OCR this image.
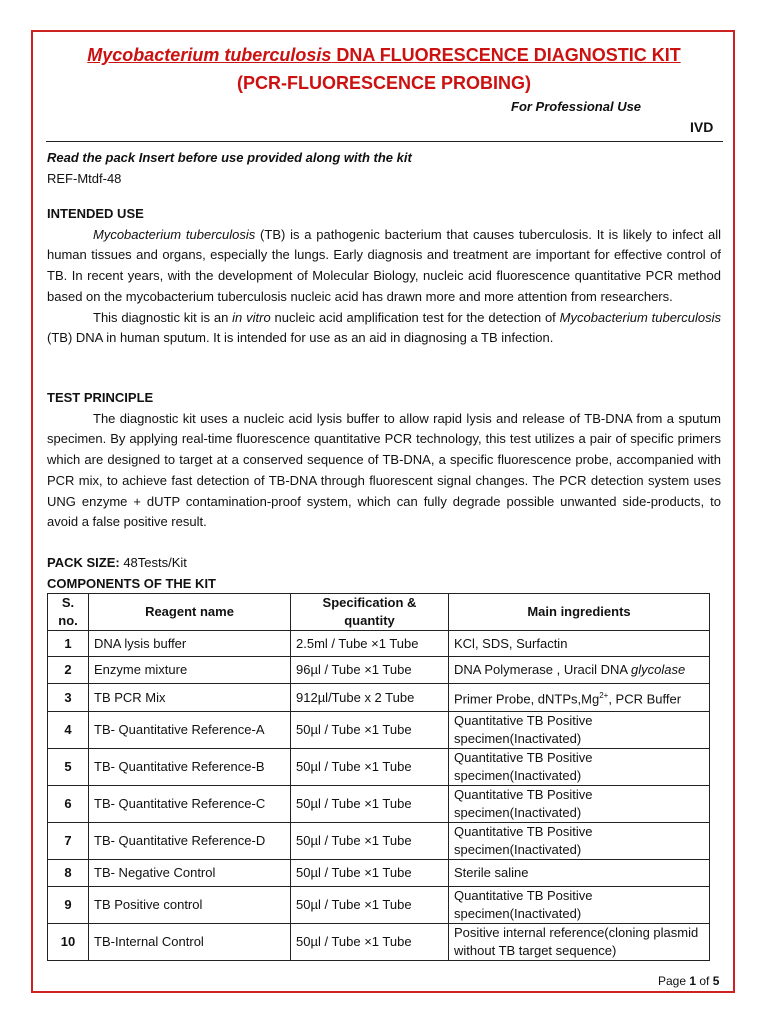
Mycobacterium tuberculosis DNA FLUORESCENCE DIAGNOSTIC KIT
(PCR-FLUORESCENCE PROBING)
For Professional Use
IVD
Read the pack Insert before use provided along with the kit
REF-Mtdf-48
INTENDED USE
Mycobacterium tuberculosis (TB) is a pathogenic bacterium that causes tuberculosis. It is likely to infect all human tissues and organs, especially the lungs. Early diagnosis and treatment are important for effective control of TB. In recent years, with the development of Molecular Biology, nucleic acid fluorescence quantitative PCR method based on the mycobacterium tuberculosis nucleic acid has drawn more and more attention from researchers.
This diagnostic kit is an in vitro nucleic acid amplification test for the detection of Mycobacterium tuberculosis (TB) DNA in human sputum. It is intended for use as an aid in diagnosing a TB infection.
TEST PRINCIPLE
The diagnostic kit uses a nucleic acid lysis buffer to allow rapid lysis and release of TB-DNA from a sputum specimen. By applying real-time fluorescence quantitative PCR technology, this test utilizes a pair of specific primers which are designed to target at a conserved sequence of TB-DNA, a specific fluorescence probe, accompanied with PCR mix, to achieve fast detection of TB-DNA through fluorescent signal changes. The PCR detection system uses UNG enzyme + dUTP contamination-proof system, which can fully degrade possible unwanted side-products, to avoid a false positive result.
PACK SIZE: 48Tests/Kit
COMPONENTS OF THE KIT
S. no.	Reagent name	Specification & quantity	Main ingredients
1	DNA lysis buffer	2.5ml / Tube ×1 Tube	KCl, SDS, Surfactin
2	Enzyme mixture	96µl / Tube ×1 Tube	DNA Polymerase , Uracil DNA glycolase
3	TB PCR Mix	912µl/Tube x 2 Tube	Primer Probe, $dNTPs,Mg^{2+}$, PCR Buffer
4	TB- Quantitative Reference-A	50µl / Tube ×1 Tube	Quantitative TB Positive specimen(Inactivated)
5	TB- Quantitative Reference-B	50µl / Tube ×1 Tube	Quantitative TB Positive specimen(Inactivated)
6	TB- Quantitative Reference-C	50µl / Tube ×1 Tube	Quantitative TB Positive specimen(Inactivated)
7	TB- Quantitative Reference-D	50µl / Tube ×1 Tube	Quantitative TB Positive specimen(Inactivated)
8	TB- Negative Control	50µl / Tube ×1 Tube	Sterile saline
9	TB Positive control	50µl / Tube ×1 Tube	Quantitative TB Positive specimen(Inactivated)
10	TB-Internal Control	50µl / Tube ×1 Tube	Positive internal reference(cloning plasmid without TB target sequence)
Page 1 of 5
